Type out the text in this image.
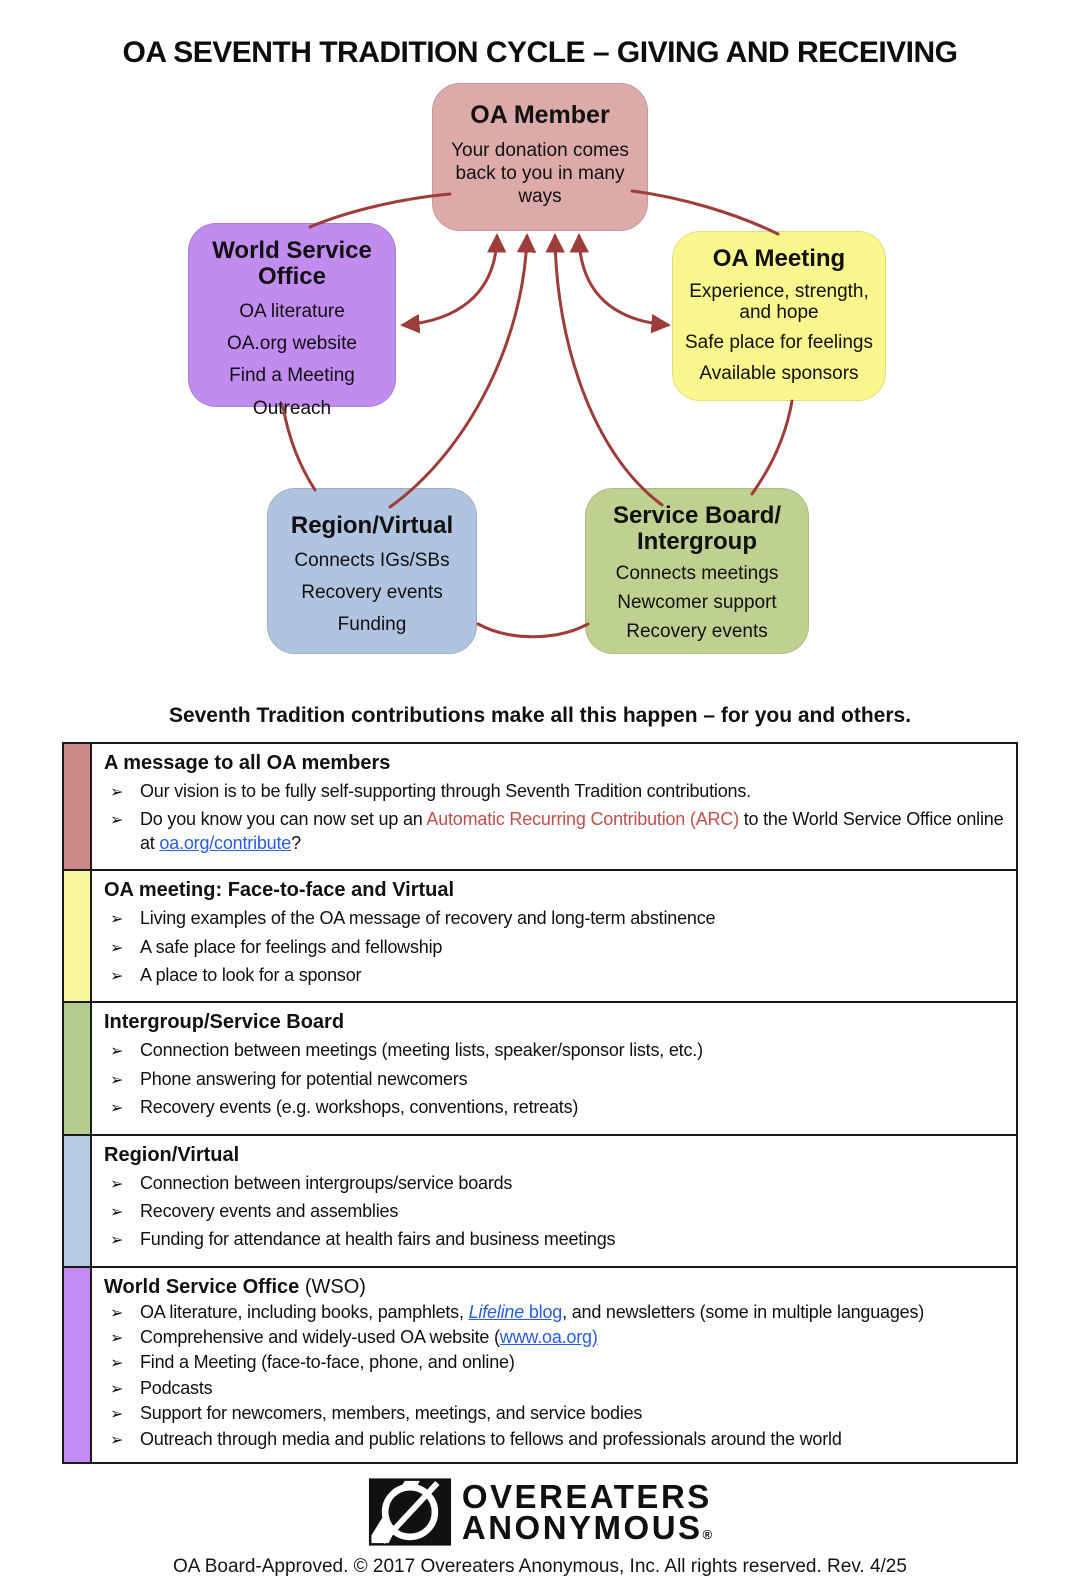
OA SEVENTH TRADITION CYCLE – GIVING AND RECEIVING
OA Member
Your donation comes back to you in many ways
World Service Office
OA literature
OA.org website
Find a Meeting
Outreach
OA Meeting
Experience, strength, and hope
Safe place for feelings
Available sponsors
Region/Virtual
Connects IGs/SBs
Recovery events
Funding
Service Board/
Intergroup
Connects meetings
Newcomer support
Recovery events
Seventh Tradition contributions make all this happen – for you and others.
A message to all OA members
➢ Our vision is to be fully self-supporting through Seventh Tradition contributions.
➢ Do you know you can now set up an Automatic Recurring Contribution (ARC) to the World Service Office online at oa.org/contribute?
OA meeting: Face-to-face and Virtual
➢ Living examples of the OA message of recovery and long-term abstinence
➢ A safe place for feelings and fellowship
➢ A place to look for a sponsor
Intergroup/Service Board
➢ Connection between meetings (meeting lists, speaker/sponsor lists, etc.)
➢ Phone answering for potential newcomers
➢ Recovery events (e.g. workshops, conventions, retreats)
Region/Virtual
➢ Connection between intergroups/service boards
➢ Recovery events and assemblies
➢ Funding for attendance at health fairs and business meetings
World Service Office (WSO)
➢ OA literature, including books, pamphlets, Lifeline blog, and newsletters (some in multiple languages)
➢ Comprehensive and widely-used OA website (www.oa.org)
➢ Find a Meeting (face-to-face, phone, and online)
➢ Podcasts
➢ Support for newcomers, members, meetings, and service bodies
➢ Outreach through media and public relations to fellows and professionals around the world
OVEREATERS
ANONYMOUS®
OA Board-Approved. © 2017 Overeaters Anonymous, Inc. All rights reserved. Rev. 4/25
